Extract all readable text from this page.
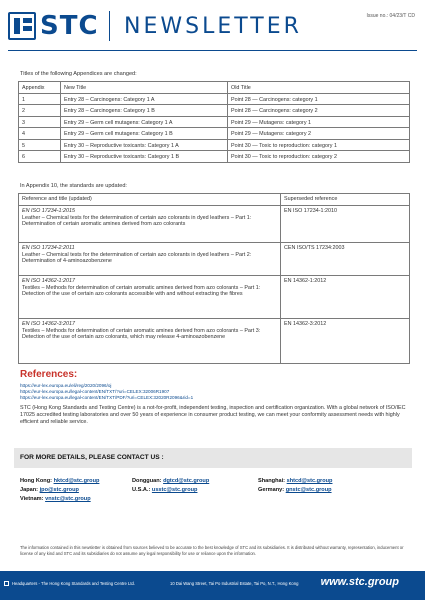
STC NEWSLETTER	Issue no.: 04/23/T CD
Titles of the following Appendices are changed:
Appendix	New Title	Old Title
1	Entry 28 – Carcinogens: Category 1 A	Point 28 — Carcinogens: category 1
2	Entry 28 – Carcinogens: Category 1 B	Point 28 — Carcinogens: category 2
3	Entry 29 – Germ cell mutagens: Category 1 A	Point 29 — Mutagens: category 1
4	Entry 29 – Germ cell mutagens: Category 1 B	Point 29 — Mutagens: category 2
5	Entry 30 – Reproductive toxicants: Category 1 A	Point 30 — Toxic to reproduction: category 1
6	Entry 30 – Reproductive toxicants: Category 1 B	Point 30 — Toxic to reproduction: category 2
In Appendix 10, the standards are updated:
Reference and title (updated)	Superseded reference

EN ISO 17234-1:2015
Leather – Chemical tests for the determination of certain azo colorants in dyed leathers – Part 1: Determination of certain aromatic amines derived from azo colorants	EN ISO 17234-1:2010

EN ISO 17234-2:2011
Leather – Chemical tests for the determination of certain azo colorants in dyed leathers – Part 2: Determination of 4-aminoazobenzene	CEN ISO/TS 17234:2003

EN ISO 14362-1:2017
Textiles – Methods for determination of certain aromatic amines derived from azo colorants – Part 1: Detection of the use of certain azo colorants accessible with and without extracting the fibres	EN 14362-1:2012

EN ISO 14362-3:2017
Textiles – Methods for determination of certain aromatic amines derived from azo colorants – Part 3: Detection of the use of certain azo colorants, which may release 4-aminoazobenzene	EN 14362-3:2012
References:
https://eur-lex.europa.eu/eli/reg/2020/2096/oj
https://eur-lex.europa.eu/legal-content/EN/TXT/?uri=CELEX:32006R1907
https://eur-lex.europa.eu/legal-content/EN/TXT/PDF/?uri=CELEX:32020R2096&rid=1
STC (Hong Kong Standards and Testing Centre) is a not-for-profit, independent testing, inspection and certification organization. With a global network of ISO/IEC 17025 accredited testing laboratories and over 50 years of experience in consumer product testing, we can meet your conformity assessment needs with highly efficient and reliable service.
FOR MORE DETAILS, PLEASE CONTACT US :
Hong Kong: hktcd@stc.group	Dongguan: dgtcd@stc.group	Shanghai: shtcd@stc.group
Japan: jpo@stc.group	U.S.A.: usstc@stc.group	Germany: gnstc@stc.group
Vietnam: vnstc@stc.group
The information contained in this newsletter is obtained from sources believed to be accurate to the best knowledge of STC and its subsidiaries. It is distributed without warranty, representation, inducement or license of any kind and STC and its subsidiaries do not assume any legal responsibility for use or reliance upon the information.
Headquarters - The Hong Kong Standards and Testing Centre Ltd.	10 Dai Wang Street, Tai Po Industrial Estate, Tai Po, N.T., Hong Kong www.stc.group
